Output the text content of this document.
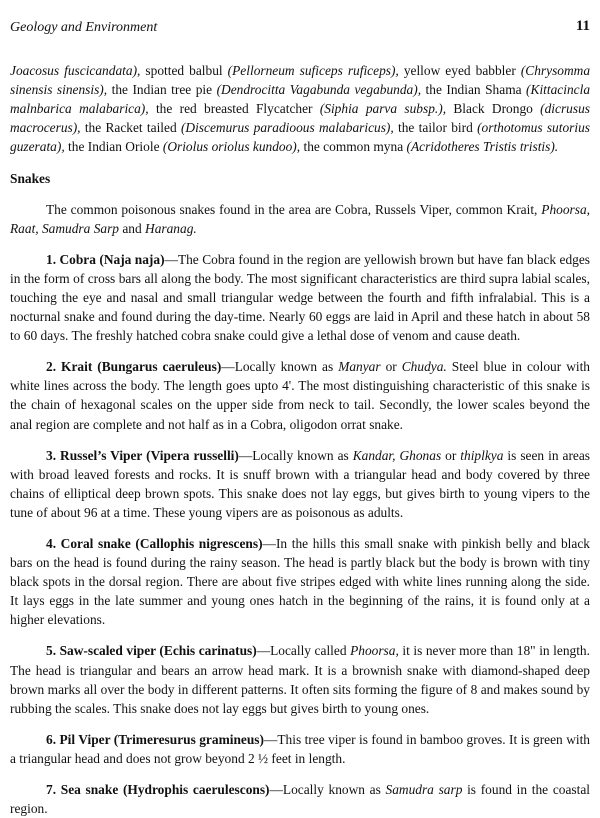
Geology and Environment	11

Joacosus fuscicandata), spotted balbul (Pellorneum suficeps ruficeps), yellow eyed babbler (Chrysomma sinensis sinensis), the Indian tree pie (Dendrocitta Vagabunda vegabunda), the Indian Shama (Kittacincla malnbarica malabarica), the red breasted Flycatcher (Siphia parva subsp.), Black Drongo (dicrusus macrocerus), the Racket tailed (Discemurus paradioous malabaricus), the tailor bird (orthotomus sutorius guzerata), the Indian Oriole (Oriolus oriolus kundoo), the common myna (Acridotheres Tristis tristis).

Snakes

The common poisonous snakes found in the area are Cobra, Russels Viper, common Krait, Phoorsa, Raat, Samudra Sarp and Haranag.

1. Cobra (Naja naja)—The Cobra found in the region are yellowish brown but have fan black edges in the form of cross bars all along the body. The most significant characteristics are third supra labial scales, touching the eye and nasal and small triangular wedge between the fourth and fifth infralabial. This is a nocturnal snake and found during the day-time. Nearly 60 eggs are laid in April and these hatch in about 58 to 60 days. The freshly hatched cobra snake could give a lethal dose of venom and cause death.

2. Krait (Bungarus caeruleus)—Locally known as Manyar or Chudya. Steel blue in colour with white lines across the body. The length goes upto 4'. The most distinguishing characteristic of this snake is the chain of hexagonal scales on the upper side from neck to tail. Secondly, the lower scales beyond the anal region are complete and not half as in a Cobra, oligodon orrat snake.

3. Russel’s Viper (Vipera russelli)—Locally known as Kandar, Ghonas or thiplkya is seen in areas with broad leaved forests and rocks. It is snuff brown with a triangular head and body covered by three chains of elliptical deep brown spots. This snake does not lay eggs, but gives birth to young vipers to the tune of about 96 at a time. These young vipers are as poisonous as adults.

4. Coral snake (Callophis nigrescens)—In the hills this small snake with pinkish belly and black bars on the head is found during the rainy season. The head is partly black but the body is brown with tiny black spots in the dorsal region. There are about five stripes edged with white lines running along the side. It lays eggs in the late summer and young ones hatch in the beginning of the rains, it is found only at a higher elevations.

5. Saw-scaled viper (Echis carinatus)—Locally called Phoorsa, it is never more than 18" in length. The head is triangular and bears an arrow head mark. It is a brownish snake with diamond-shaped deep brown marks all over the body in different patterns. It often sits forming the figure of 8 and makes sound by rubbing the scales. This snake does not lay eggs but gives birth to young ones.

6. Pil Viper (Trimeresurus gramineus)—This tree viper is found in bamboo groves. It is green with a triangular head and does not grow beyond 2 ½ feet in length.

7. Sea snake (Hydrophis caerulescons)—Locally known as Samudra sarp is found in the coastal region.
